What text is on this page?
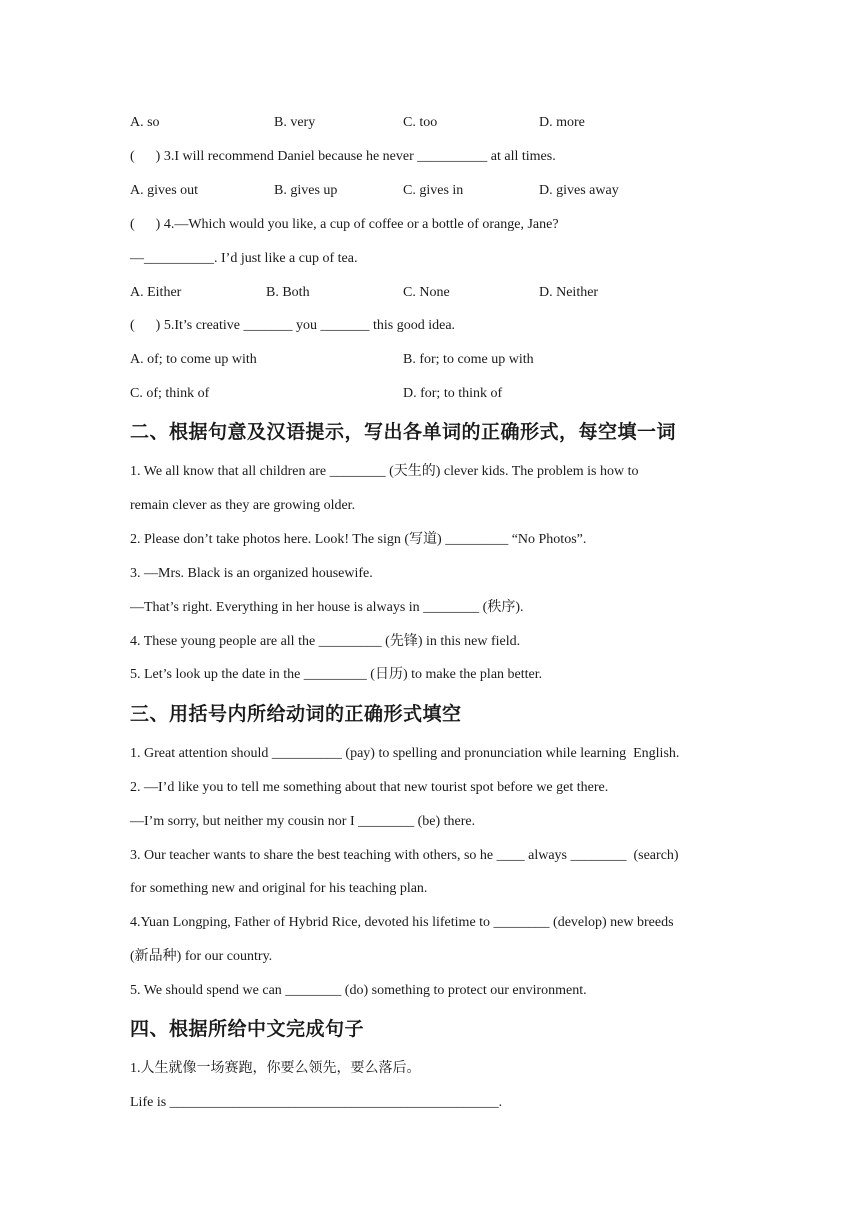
A. so	B. very	C. too	D. more
(      ) 3.I will recommend Daniel because he never __________ at all times.
A. gives out	B. gives up	C. gives in	D. gives away
(      ) 4.—Which would you like, a cup of coffee or a bottle of orange, Jane?
—__________. I’d just like a cup of tea.
A. Either	B. Both	C. None	D. Neither
(      ) 5.It’s creative _______ you _______ this good idea.
A. of; to come up with	B. for; to come up with
C. of; think of	D. for; to think of
二、根据句意及汉语提示，写出各单词的正确形式，每空填一词
1. We all know that all children are ________ (天生的) clever kids. The problem is how to
remain clever as they are growing older.
2. Please don’t take photos here. Look! The sign (写道) _________ “No Photos”.
3. —Mrs. Black is an organized housewife.
—That’s right. Everything in her house is always in ________ (秩序).
4. These young people are all the _________ (先锋) in this new field.
5. Let’s look up the date in the _________ (日历) to make the plan better.
三、用括号内所给动词的正确形式填空
1. Great attention should __________ (pay) to spelling and pronunciation while learning  English.
2. —I’d like you to tell me something about that new tourist spot before we get there.
—I’m sorry, but neither my cousin nor I ________ (be) there.
3. Our teacher wants to share the best teaching with others, so he ____ always ________  (search)
for something new and original for his teaching plan.
4.Yuan Longping, Father of Hybrid Rice, devoted his lifetime to ________ (develop) new breeds
(新品种) for our country.
5. We should spend we can ________ (do) something to protect our environment.
四、根据所给中文完成句子
1.人生就像一场赛跑，你要么领先，要么落后。
Life is _______________________________________________.
